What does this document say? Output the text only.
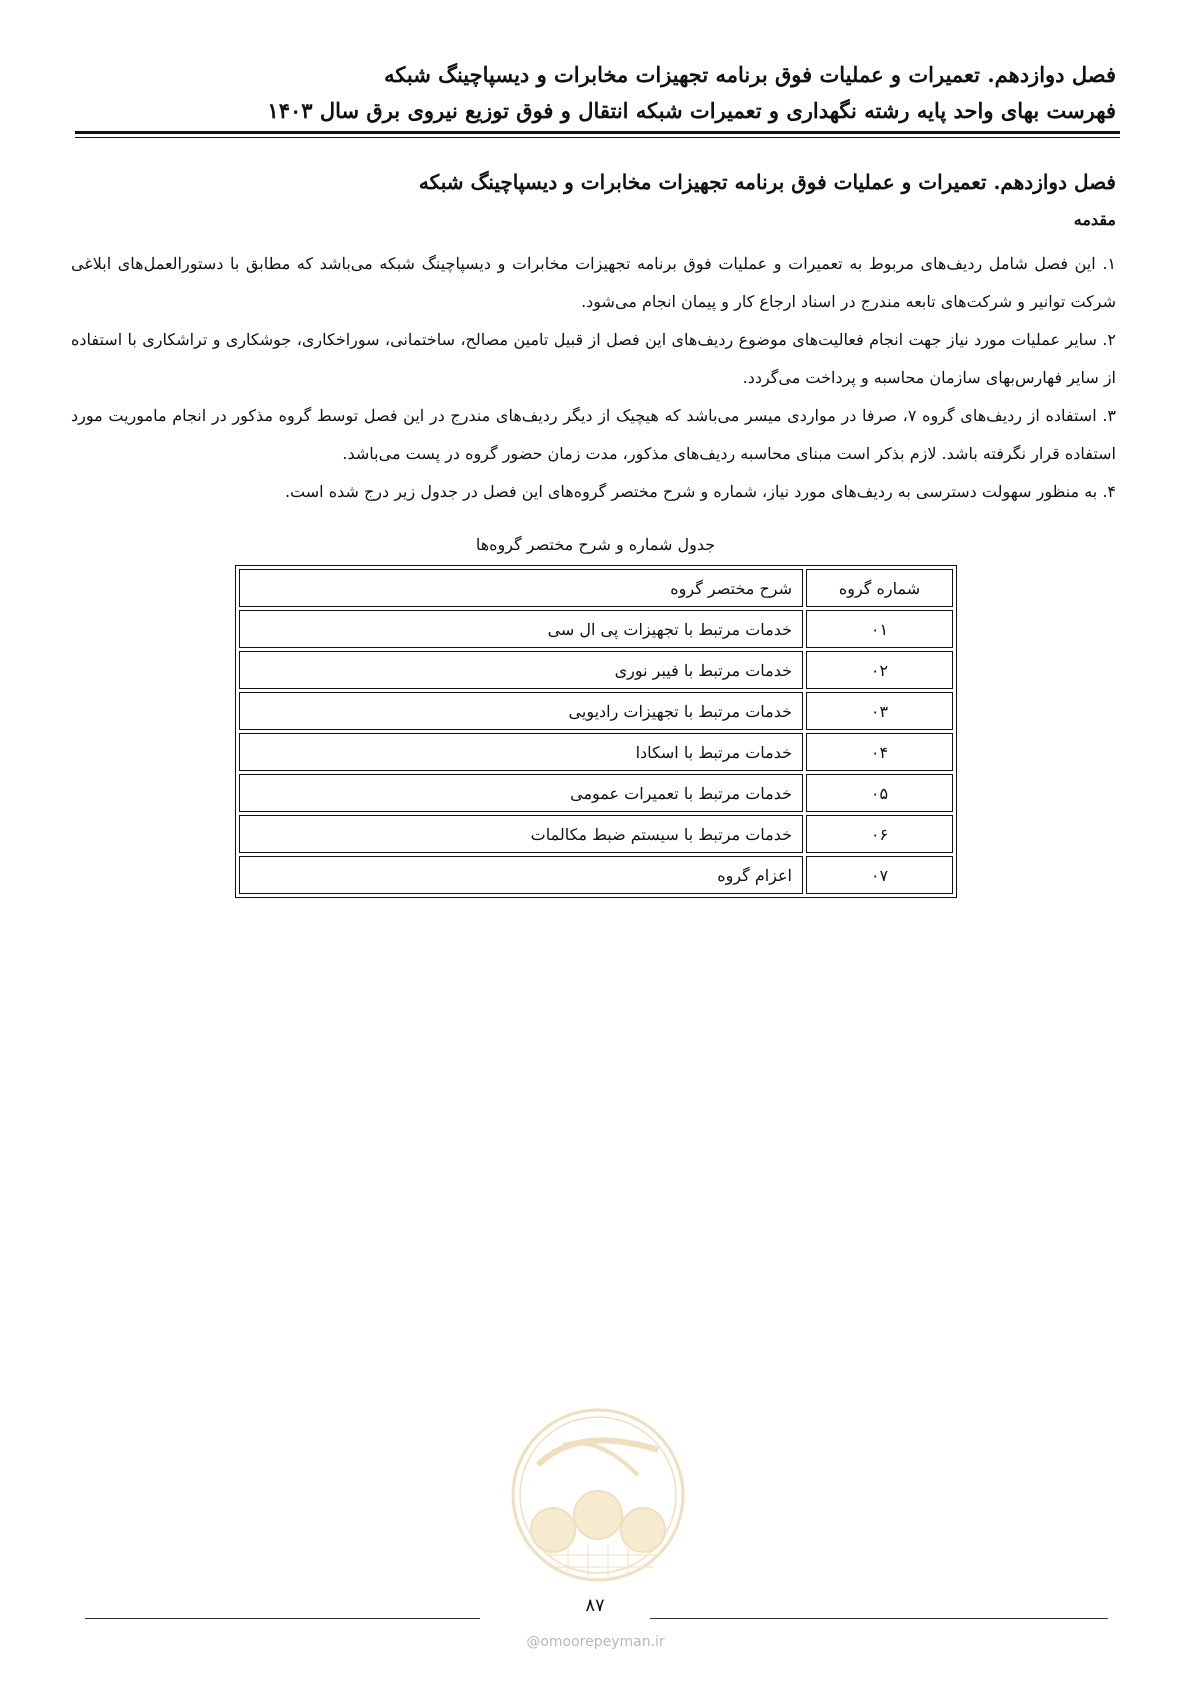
فصل دوازدهم. تعمیرات و عملیات فوق برنامه تجهیزات مخابرات و دیسپاچینگ شبکه
فهرست بهای واحد پایه رشته نگهداری و تعمیرات شبکه انتقال و فوق توزیع نیروی برق سال ۱۴۰۳
فصل دوازدهم. تعمیرات و عملیات فوق برنامه تجهیزات مخابرات و دیسپاچینگ شبکه
مقدمه

۱. این فصل شامل ردیف‌های مربوط به تعمیرات و عملیات فوق برنامه تجهیزات مخابرات و دیسپاچینگ شبکه می‌باشد که مطابق با دستورالعمل‌های ابلاغی شرکت توانیر و شرکت‌های تابعه مندرج در اسناد ارجاع کار و پیمان انجام می‌شود.

۲. سایر عملیات مورد نیاز جهت انجام فعالیت‌های موضوع ردیف‌های این فصل از قبیل تامین مصالح، ساختمانی، سوراخکاری، جوشکاری و تراشکاری با استفاده از سایر فهارس‌بهای سازمان محاسبه و پرداخت می‌گردد.

۳. استفاده از ردیف‌های گروه ۷، صرفا در مواردی میسر می‌باشد که هیچیک از دیگر ردیف‌های مندرج در این فصل توسط گروه مذکور در انجام ماموریت مورد استفاده قرار نگرفته باشد. لازم بذکر است مبنای محاسبه ردیف‌های مذکور، مدت زمان حضور گروه در پست می‌باشد.

۴. به منظور سهولت دسترسی به ردیف‌های مورد نیاز، شماره و شرح مختصر گروه‌های این فصل در جدول زیر درج شده است.

جدول شماره و شرح مختصر گروه‌ها
شماره گروه	شرح مختصر گروه
۰۱	خدمات مرتبط با تجهیزات پی ال سی
۰۲	خدمات مرتبط با فیبر نوری
۰۳	خدمات مرتبط با تجهیزات رادیویی
۰۴	خدمات مرتبط با اسکادا
۰۵	خدمات مرتبط با تعمیرات عمومی
۰۶	خدمات مرتبط با سیستم ضبط مکالمات
۰۷	اعزام گروه
۸۷
@omoorepeyman.ir
